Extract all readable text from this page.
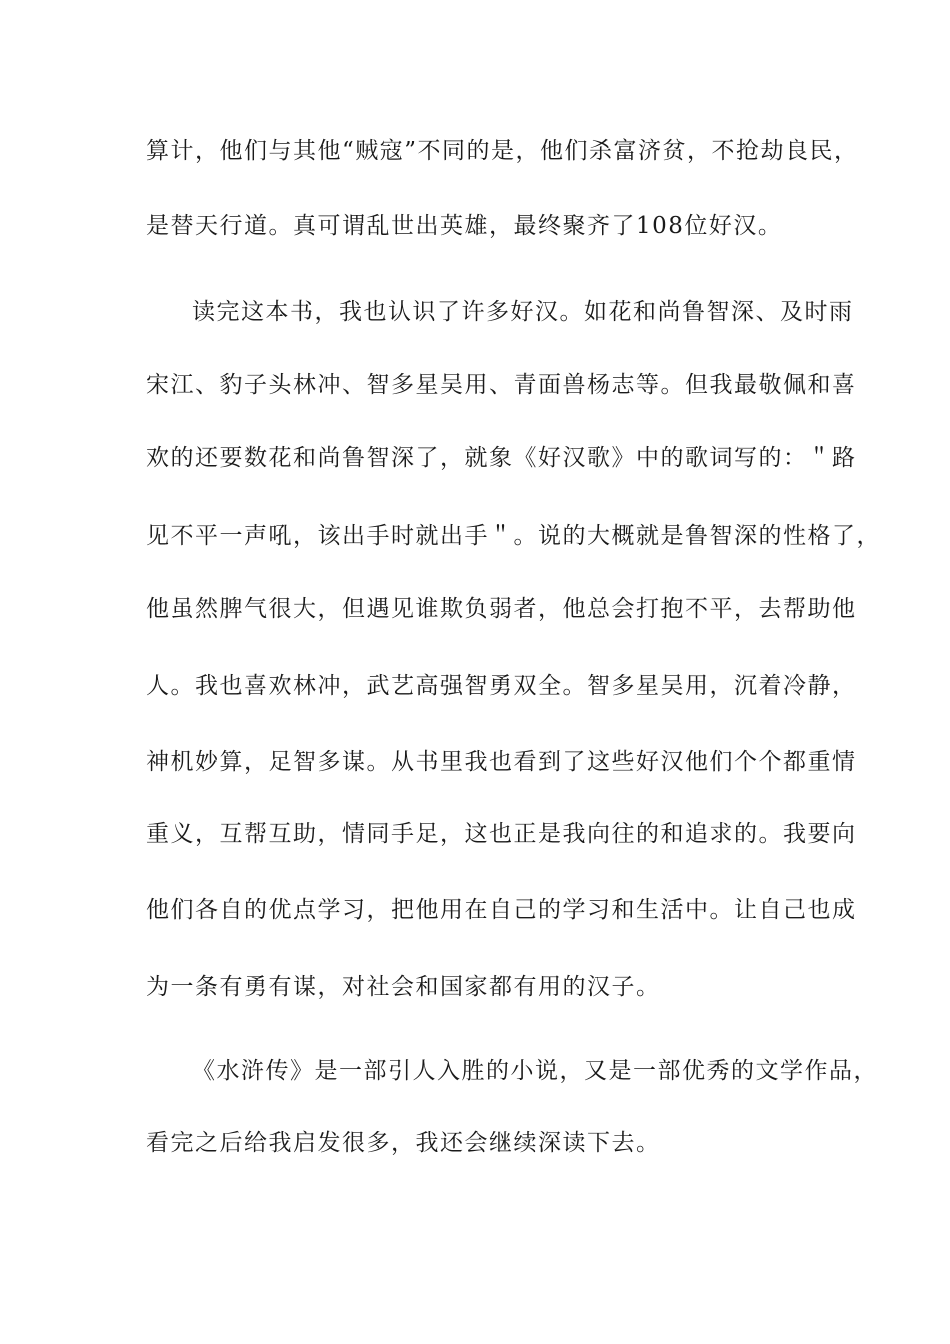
算计，他们与其他“贼寇”不同的是，他们杀富济贫，不抢劫良民，
是替天行道。真可谓乱世出英雄，最终聚齐了108位好汉。
读完这本书，我也认识了许多好汉。如花和尚鲁智深、及时雨
宋江、豹子头林冲、智多星吴用、青面兽杨志等。但我最敬佩和喜
欢的还要数花和尚鲁智深了，就象《好汉歌》中的歌词写的：＂路
见不平一声吼，该出手时就出手＂。说的大概就是鲁智深的性格了，
他虽然脾气很大，但遇见谁欺负弱者，他总会打抱不平，去帮助他
人。我也喜欢林冲，武艺高强智勇双全。智多星吴用，沉着冷静，
神机妙算，足智多谋。从书里我也看到了这些好汉他们个个都重情
重义，互帮互助，情同手足，这也正是我向往的和追求的。我要向
他们各自的优点学习，把他用在自己的学习和生活中。让自己也成
为一条有勇有谋，对社会和国家都有用的汉子。
《水浒传》是一部引人入胜的小说，又是一部优秀的文学作品，
看完之后给我启发很多，我还会继续深读下去。
